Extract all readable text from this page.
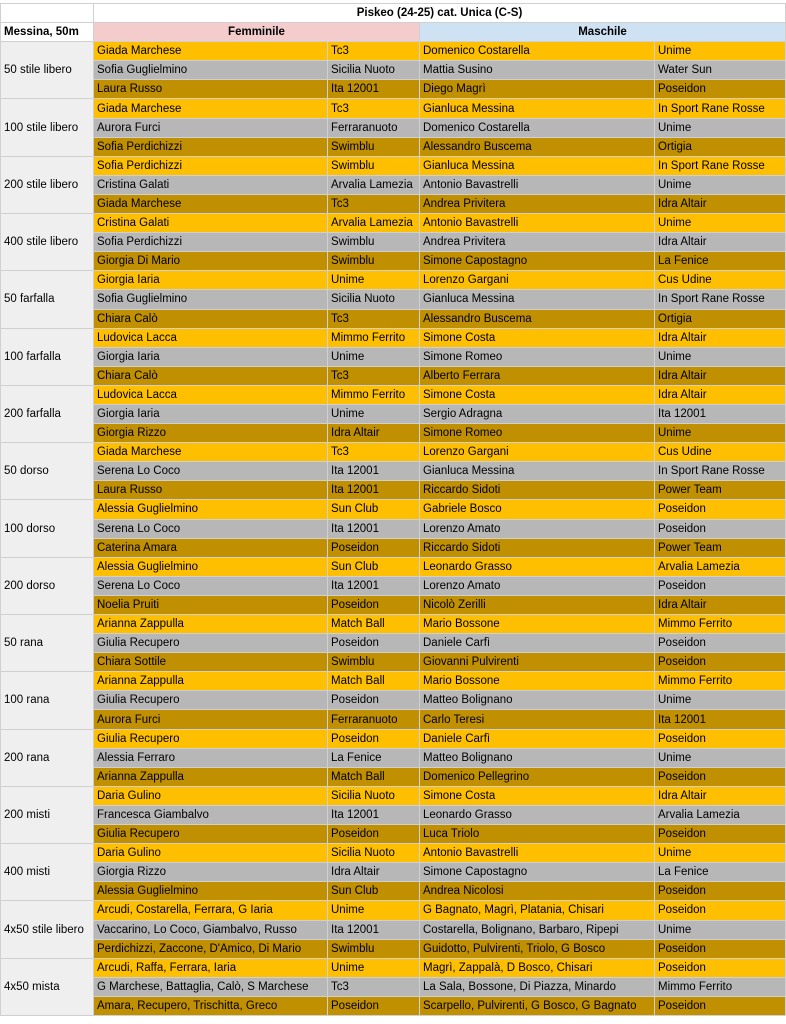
	Piskeo (24-25) cat. Unica (C-S)			
Messina, 50m	Femminile		Maschile	
50 stile libero	Giada Marchese	Tc3	Domenico Costarella	Unime
	Sofia Guglielmino	Sicilia Nuoto	Mattia Susino	Water Sun
	Laura Russo	Ita 12001	Diego Magrì	Poseidon
100 stile libero	Giada Marchese	Tc3	Gianluca Messina	In Sport Rane Rosse
	Aurora Furci	Ferraranuoto	Domenico Costarella	Unime
	Sofia Perdichizzi	Swimblu	Alessandro Buscema	Ortigia
200 stile libero	Sofia Perdichizzi	Swimblu	Gianluca Messina	In Sport Rane Rosse
	Cristina Galati	Arvalia Lamezia	Antonio Bavastrelli	Unime
	Giada Marchese	Tc3	Andrea Privitera	Idra Altair
400 stile libero	Cristina Galati	Arvalia Lamezia	Antonio Bavastrelli	Unime
	Sofia Perdichizzi	Swimblu	Andrea Privitera	Idra Altair
	Giorgia Di Mario	Swimblu	Simone Capostagno	La Fenice
50 farfalla	Giorgia Iaria	Unime	Lorenzo Gargani	Cus Udine
	Sofia Guglielmino	Sicilia Nuoto	Gianluca Messina	In Sport Rane Rosse
	Chiara Calò	Tc3	Alessandro Buscema	Ortigia
100 farfalla	Ludovica Lacca	Mimmo Ferrito	Simone Costa	Idra Altair
	Giorgia Iaria	Unime	Simone Romeo	Unime
	Chiara Calò	Tc3	Alberto Ferrara	Idra Altair
200 farfalla	Ludovica Lacca	Mimmo Ferrito	Simone Costa	Idra Altair
	Giorgia Iaria	Unime	Sergio Adragna	Ita 12001
	Giorgia Rizzo	Idra Altair	Simone Romeo	Unime
50 dorso	Giada Marchese	Tc3	Lorenzo Gargani	Cus Udine
	Serena Lo Coco	Ita 12001	Gianluca Messina	In Sport Rane Rosse
	Laura Russo	Ita 12001	Riccardo Sidoti	Power Team
100 dorso	Alessia Guglielmino	Sun Club	Gabriele Bosco	Poseidon
	Serena Lo Coco	Ita 12001	Lorenzo Amato	Poseidon
	Caterina Amara	Poseidon	Riccardo Sidoti	Power Team
200 dorso	Alessia Guglielmino	Sun Club	Leonardo Grasso	Arvalia Lamezia
	Serena Lo Coco	Ita 12001	Lorenzo Amato	Poseidon
	Noelia Pruiti	Poseidon	Nicolò Zerilli	Idra Altair
50 rana	Arianna Zappulla	Match Ball	Mario Bossone	Mimmo Ferrito
	Giulia Recupero	Poseidon	Daniele Carfì	Poseidon
	Chiara Sottile	Swimblu	Giovanni Pulvirenti	Poseidon
100 rana	Arianna Zappulla	Match Ball	Mario Bossone	Mimmo Ferrito
	Giulia Recupero	Poseidon	Matteo Bolignano	Unime
	Aurora Furci	Ferraranuoto	Carlo Teresi	Ita 12001
200 rana	Giulia Recupero	Poseidon	Daniele Carfì	Poseidon
	Alessia Ferraro	La Fenice	Matteo Bolignano	Unime
	Arianna Zappulla	Match Ball	Domenico Pellegrino	Poseidon
200 misti	Daria Gulino	Sicilia Nuoto	Simone Costa	Idra Altair
	Francesca Giambalvo	Ita 12001	Leonardo Grasso	Arvalia Lamezia
	Giulia Recupero	Poseidon	Luca Triolo	Poseidon
400 misti	Daria Gulino	Sicilia Nuoto	Antonio Bavastrelli	Unime
	Giorgia Rizzo	Idra Altair	Simone Capostagno	La Fenice
	Alessia Guglielmino	Sun Club	Andrea Nicolosi	Poseidon
4x50 stile libero	Arcudi, Costarella, Ferrara, G Iaria	Unime	G Bagnato, Magrì, Platania, Chisari	Poseidon
	Vaccarino, Lo Coco, Giambalvo, Russo	Ita 12001	Costarella, Bolignano, Barbaro, Ripepi	Unime
	Perdichizzi, Zaccone, D'Amico, Di Mario	Swimblu	Guidotto, Pulvirenti, Triolo, G Bosco	Poseidon
4x50 mista	Arcudi, Raffa, Ferrara, Iaria	Unime	Magrì, Zappalà, D Bosco, Chisari	Poseidon
	G Marchese, Battaglia, Calò, S Marchese	Tc3	La Sala, Bossone, Di Piazza, Minardo	Mimmo Ferrito
	Amara, Recupero, Trischitta, Greco	Poseidon	Scarpello, Pulvirenti, G Bosco, G Bagnato	Poseidon
